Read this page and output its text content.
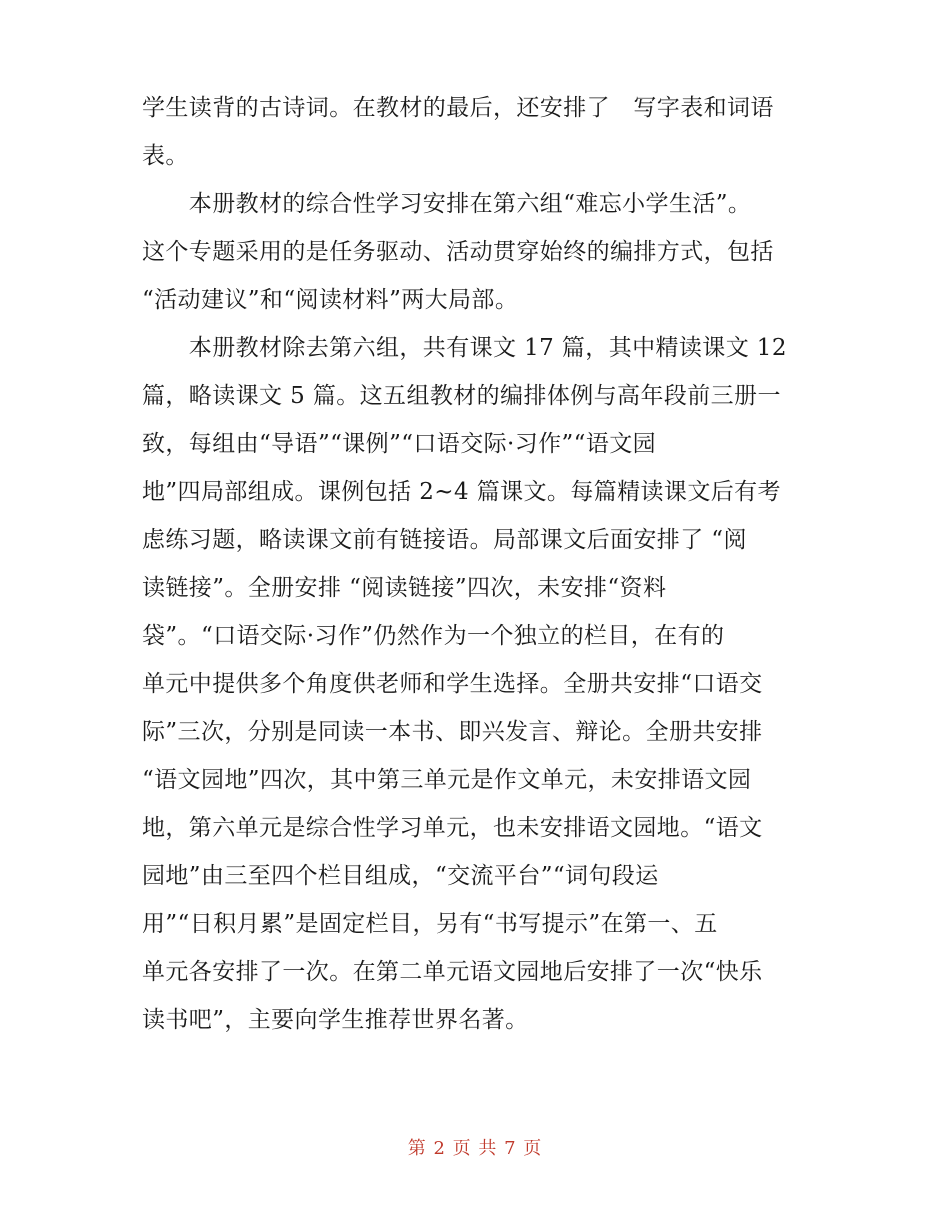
学生读背的古诗词。在教材的最后，还安排了　写字表和词语
表。
　　本册教材的综合性学习安排在第六组“难忘小学生活”。
这个专题采用的是任务驱动、活动贯穿始终的编排方式，包括
“活动建议”和“阅读材料”两大局部。
　　本册教材除去第六组，共有课文 17 篇，其中精读课文 12
篇，略读课文 5 篇。这五组教材的编排体例与高年段前三册一
致，每组由“导语”“课例”“口语交际·习作”“语文园
地”四局部组成。课例包括 2~4 篇课文。每篇精读课文后有考
虑练习题，略读课文前有链接语。局部课文后面安排了 “阅
读链接”。全册安排 “阅读链接”四次，未安排“资料
袋”。“口语交际·习作”仍然作为一个独立的栏目，在有的
单元中提供多个角度供老师和学生选择。全册共安排“口语交
际”三次，分别是同读一本书、即兴发言、辩论。全册共安排
“语文园地”四次，其中第三单元是作文单元，未安排语文园
地，第六单元是综合性学习单元，也未安排语文园地。“语文
园地”由三至四个栏目组成，“交流平台”“词句段运
用”“日积月累”是固定栏目，另有“书写提示”在第一、五
单元各安排了一次。在第二单元语文园地后安排了一次“快乐
读书吧”，主要向学生推荐世界名著。
第 2 页 共 7 页
